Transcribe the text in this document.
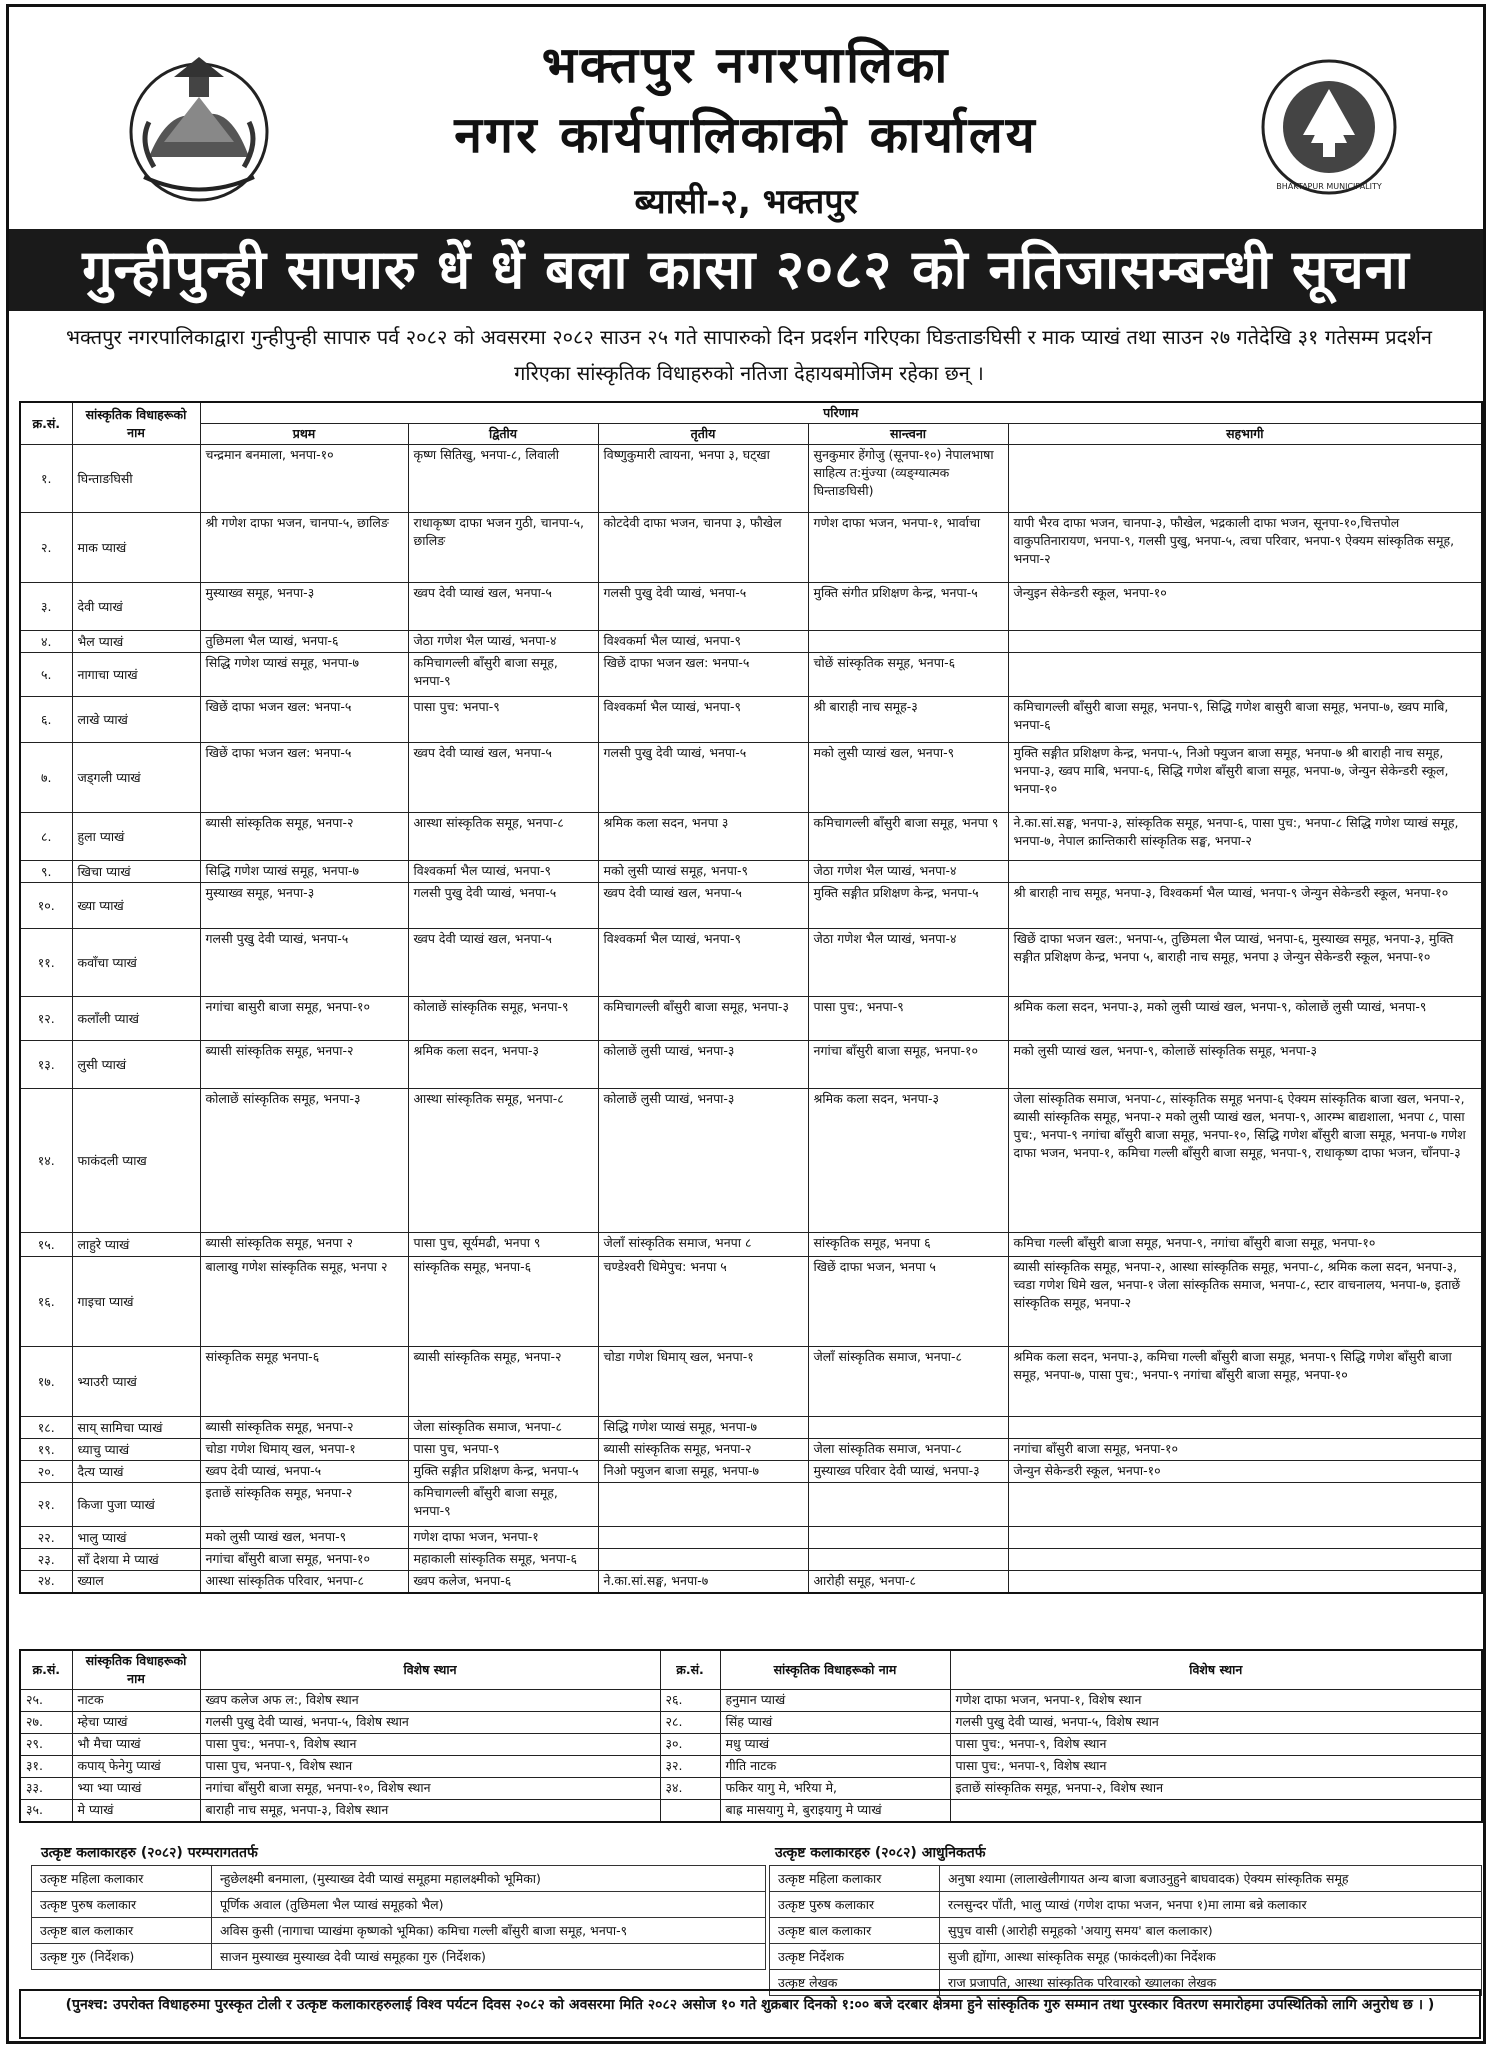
भक्तपुर नगरपालिका
नगर कार्यपालिकाको कार्यालय
ब्यासी-२, भक्तपुर	BHAKTAPUR MUNICIPALITY
गुन्हीपुन्ही सापारु धें धें बला कासा २०८२ को नतिजासम्बन्धी सूचना
भक्तपुर नगरपालिकाद्वारा गुन्हीपुन्ही सापारु पर्व २०८२ को अवसरमा २०८२ साउन २५ गते सापारुको दिन प्रदर्शन गरिएका घिङताङघिसी र माक प्याखं तथा साउन २७ गतेदेखि ३१ गतेसम्म प्रदर्शन गरिएका सांस्कृतिक विधाहरुको नतिजा देहायबमोजिम रहेका छन् ।
क्र.सं.	सांस्कृतिक विधाहरूको नाम	परिणाम				
		प्रथम	द्वितीय	तृतीय	सान्त्वना	सहभागी
१.	घिन्ताङघिसी	चन्द्रमान बनमाला, भनपा-१०	कृष्ण सितिखु, भनपा-८, लिवाली	विष्णुकुमारी त्वायना, भनपा ३, घट्खा	सुनकुमार हेंगोजु (सूनपा-१०) नेपालभाषा साहित्य त:मुंज्या (व्यङ्ग्यात्मक घिन्ताङघिसी)	
२.	माक प्याखं	श्री गणेश दाफा भजन, चानपा-५, छालिङ	राधाकृष्ण दाफा भजन गुठी, चानपा-५, छालिङ	कोटदेवी दाफा भजन, चानपा ३, फौखेल	गणेश दाफा भजन, भनपा-१, भार्वाचा	यापी भैरव दाफा भजन, चानपा-३, फौखेल, भद्रकाली दाफा भजन, सूनपा-१०,चित्तपोल वाकुपतिनारायण, भनपा-९, गलसी पुखु, भनपा-५, त्वचा परिवार, भनपा-९ ऐक्यम सांस्कृतिक समूह, भनपा-२
३.	देवी प्याखं	मुस्याख्व समूह, भनपा-३	ख्वप देवी प्याखं खल, भनपा-५	गलसी पुखु देवी प्याखं, भनपा-५	मुक्ति संगीत प्रशिक्षण केन्द्र, भनपा-५	जेन्युइन सेकेन्डरी स्कूल, भनपा-१०
४.	भैल प्याखं	तुछिमला भैल प्याखं, भनपा-६	जेठा गणेश भैल प्याखं, भनपा-४	विश्वकर्मा भैल प्याखं, भनपा-९		
५.	नागाचा प्याखं	सिद्धि गणेश प्याखं समूह, भनपा-७	कमिचागल्ली बाँसुरी बाजा समूह, भनपा-९	खिछें दाफा भजन खल: भनपा-५	चोछें सांस्कृतिक समूह, भनपा-६	
६.	लाखे प्याखं	खिछें दाफा भजन खल: भनपा-५	पासा पुच: भनपा-९	विश्वकर्मा भैल प्याखं, भनपा-९	श्री बाराही नाच समूह-३	कमिचागल्ली बाँसुरी बाजा समूह, भनपा-९, सिद्धि गणेश बासुरी बाजा समूह, भनपा-७, ख्वप माबि, भनपा-६
७.	जड्गली प्याखं	खिछें दाफा भजन खल: भनपा-५	ख्वप देवी प्याखं खल, भनपा-५	गलसी पुखु देवी प्याखं, भनपा-५	मको लुसी प्याखं खल, भनपा-९	मुक्ति सङ्गीत प्रशिक्षण केन्द्र, भनपा-५, निओ फ्युजन बाजा समूह, भनपा-७ श्री बाराही नाच समूह, भनपा-३, ख्वप माबि, भनपा-६, सिद्धि गणेश बाँसुरी बाजा समूह, भनपा-७, जेन्युन सेकेन्डरी स्कूल, भनपा-१०
८.	हुला प्याखं	ब्यासी सांस्कृतिक समूह, भनपा-२	आस्था सांस्कृतिक समूह, भनपा-८	श्रमिक कला सदन, भनपा ३	कमिचागल्ली बाँसुरी बाजा समूह, भनपा ९	ने.का.सां.सङ्घ, भनपा-३, सांस्कृतिक समूह, भनपा-६, पासा पुच:, भनपा-८ सिद्धि गणेश प्याखं समूह, भनपा-७, नेपाल क्रान्तिकारी सांस्कृतिक सङ्घ, भनपा-२
९.	खिचा प्याखं	सिद्धि गणेश प्याखं समूह, भनपा-७	विश्वकर्मा भैल प्याखं, भनपा-९	मको लुसी प्याखं समूह, भनपा-९	जेठा गणेश भैल प्याखं, भनपा-४	
१०.	ख्या प्याखं	मुस्याख्व समूह, भनपा-३	गलसी पुखु देवी प्याखं, भनपा-५	ख्वप देवी प्याखं खल, भनपा-५	मुक्ति सङ्गीत प्रशिक्षण केन्द्र, भनपा-५	श्री बाराही नाच समूह, भनपा-३, विश्वकर्मा भैल प्याखं, भनपा-९ जेन्युन सेकेन्डरी स्कूल, भनपा-१०
११.	कवाँचा प्याखं	गलसी पुखु देवी प्याखं, भनपा-५	ख्वप देवी प्याखं खल, भनपा-५	विश्वकर्मा भैल प्याखं, भनपा-९	जेठा गणेश भैल प्याखं, भनपा-४	खिछें दाफा भजन खल:, भनपा-५, तुछिमला भैल प्याखं, भनपा-६, मुस्याख्व समूह, भनपा-३, मुक्ति सङ्गीत प्रशिक्षण केन्द्र, भनपा ५, बाराही नाच समूह, भनपा ३ जेन्युन सेकेन्डरी स्कूल, भनपा-१०
१२.	कलाँली प्याखं	नगांचा बासुरी बाजा समूह, भनपा-१०	कोलाछें सांस्कृतिक समूह, भनपा-९	कमिचागल्ली बाँसुरी बाजा समूह, भनपा-३	पासा पुच:, भनपा-९	श्रमिक कला सदन, भनपा-३, मको लुसी प्याखं खल, भनपा-९, कोलाछें लुसी प्याखं, भनपा-९
१३.	लुसी प्याखं	ब्यासी सांस्कृतिक समूह, भनपा-२	श्रमिक कला सदन, भनपा-३	कोलाछें लुसी प्याखं, भनपा-३	नगांचा बाँसुरी बाजा समूह, भनपा-१०	मको लुसी प्याखं खल, भनपा-९, कोलाछें सांस्कृतिक समूह, भनपा-३
१४.	फाकंदली प्याख	कोलाछें सांस्कृतिक समूह, भनपा-३	आस्था सांस्कृतिक समूह, भनपा-८	कोलाछें लुसी प्याखं, भनपा-३	श्रमिक कला सदन, भनपा-३	जेला सांस्कृतिक समाज, भनपा-८, सांस्कृतिक समूह भनपा-६ ऐक्यम सांस्कृतिक बाजा खल, भनपा-२, ब्यासी सांस्कृतिक समूह, भनपा-२ मको लुसी प्याखं खल, भनपा-९, आरम्भ बाद्यशाला, भनपा ८, पासा पुच:, भनपा-९ नगांचा बाँसुरी बाजा समूह, भनपा-१०, सिद्धि गणेश बाँसुरी बाजा समूह, भनपा-७ गणेश दाफा भजन, भनपा-१, कमिचा गल्ली बाँसुरी बाजा समूह, भनपा-९, राधाकृष्ण दाफा भजन, चाँनपा-३
१५.	लाहुरे प्याखं	ब्यासी सांस्कृतिक समूह, भनपा २	पासा पुच, सूर्यमढी, भनपा ९	जेलाँ सांस्कृतिक समाज, भनपा ८	सांस्कृतिक समूह, भनपा ६	कमिचा गल्ली बाँसुरी बाजा समूह, भनपा-९, नगांचा बाँसुरी बाजा समूह, भनपा-१०
१६.	गाइचा प्याखं	बालाखु गणेश सांस्कृतिक समूह, भनपा २	सांस्कृतिक समूह, भनपा-६	चण्डेश्वरी धिमेपुच: भनपा ५	खिछें दाफा भजन, भनपा ५	ब्यासी सांस्कृतिक समूह, भनपा-२, आस्था सांस्कृतिक समूह, भनपा-८, श्रमिक कला सदन, भनपा-३, च्वडा गणेश धिमे खल, भनपा-१ जेला सांस्कृतिक समाज, भनपा-८, स्टार वाचनालय, भनपा-७, इताछें सांस्कृतिक समूह, भनपा-२
१७.	भ्याउरी प्याखं	सांस्कृतिक समूह भनपा-६	ब्यासी सांस्कृतिक समूह, भनपा-२	चोडा गणेश धिमाय् खल, भनपा-१	जेलाँ सांस्कृतिक समाज, भनपा-८	श्रमिक कला सदन, भनपा-३, कमिचा गल्ली बाँसुरी बाजा समूह, भनपा-९ सिद्धि गणेश बाँसुरी बाजा समूह, भनपा-७, पासा पुच:, भनपा-९ नगांचा बाँसुरी बाजा समूह, भनपा-१०
१८.	साय् सामिचा प्याखं	ब्यासी सांस्कृतिक समूह, भनपा-२	जेला सांस्कृतिक समाज, भनपा-८	सिद्धि गणेश प्याखं समूह, भनपा-७		
१९.	ध्याचु प्याखं	चोडा गणेश धिमाय् खल, भनपा-१	पासा पुच, भनपा-९	ब्यासी सांस्कृतिक समूह, भनपा-२	जेला सांस्कृतिक समाज, भनपा-८	नगांचा बाँसुरी बाजा समूह, भनपा-१०
२०.	दैत्य प्याखं	ख्वप देवी प्याखं, भनपा-५	मुक्ति सङ्गीत प्रशिक्षण केन्द्र, भनपा-५	निओ फ्युजन बाजा समूह, भनपा-७	मुस्याख्व परिवार देवी प्याखं, भनपा-३	जेन्युन सेकेन्डरी स्कूल, भनपा-१०
२१.	किजा पुजा प्याखं	इताछें सांस्कृतिक समूह, भनपा-२	कमिचागल्ली बाँसुरी बाजा समूह, भनपा-९			
२२.	भालु प्याखं	मको लुसी प्याखं खल, भनपा-९	गणेश दाफा भजन, भनपा-१			
२३.	साँ देशया मे प्याखं	नगांचा बाँसुरी बाजा समूह, भनपा-१०	महाकाली सांस्कृतिक समूह, भनपा-६			
२४.	ख्याल	आस्था सांस्कृतिक परिवार, भनपा-८	ख्वप कलेज, भनपा-६	ने.का.सां.सङ्घ, भनपा-७	आरोही समूह, भनपा-८	
क्र.सं.	सांस्कृतिक विधाहरूको नाम	विशेष स्थान	क्र.सं.	सांस्कृतिक विधाहरूको नाम	विशेष स्थान
२५.	नाटक	ख्वप कलेज अफ ल:, विशेष स्थान	२६.	हनुमान प्याखं	गणेश दाफा भजन, भनपा-१, विशेष स्थान
२७.	म्हेचा प्याखं	गलसी पुखु देवी प्याखं, भनपा-५, विशेष स्थान	२८.	सिंह प्याखं	गलसी पुखु देवी प्याखं, भनपा-५, विशेष स्थान
२९.	भौ मैचा प्याखं	पासा पुच:, भनपा-९, विशेष स्थान	३०.	मधु प्याखं	पासा पुच:, भनपा-९, विशेष स्थान
३१.	कपाय् फेनेगु प्याखं	पासा पुच, भनपा-९, विशेष स्थान	३२.	गीति नाटक	पासा पुच:, भनपा-९, विशेष स्थान
३३.	भ्या भ्या प्याखं	नगांचा बाँसुरी बाजा समूह, भनपा-१०, विशेष स्थान	३४.	फकिर यागु मे, भरिया मे,	इताछें सांस्कृतिक समूह, भनपा-२, विशेष स्थान
३५.	मे प्याखं	बाराही नाच समूह, भनपा-३, विशेष स्थान		बाह्र मासयागु मे, बुराइयागु मे प्याखं	
उत्कृष्ट कलाकारहरु (२०८२) परम्परागततर्फ	उत्कृष्ट कलाकारहरु (२०८२) आधुनिकतर्फ
उत्कृष्ट महिला कलाकार	न्हुछेलक्ष्मी बनमाला, (मुस्याख्व देवी प्याखं समूहमा महालक्ष्मीको भूमिका)
उत्कृष्ट पुरुष कलाकार	पूर्णिक अवाल (तुछिमला भैल प्याखं समूहको भैल)
उत्कृष्ट बाल कलाकार	अविस कुसी (नागाचा प्याखंमा कृष्णको भूमिका) कमिचा गल्ली बाँसुरी बाजा समूह, भनपा-९
उत्कृष्ट गुरु (निर्देशक)	साजन मुस्याख्व मुस्याख्व देवी प्याखं समूहका गुरु (निर्देशक)
उत्कृष्ट महिला कलाकार	अनुषा श्यामा (लालाखेलीगायत अन्य बाजा बजाउनुहुने बाघवादक) ऐक्यम सांस्कृतिक समूह
उत्कृष्ट पुरुष कलाकार	रत्नसुन्दर पाँती, भालु प्याखं (गणेश दाफा भजन, भनपा १)मा लामा बन्ने कलाकार
उत्कृष्ट बाल कलाकार	सुपुच वासी (आरोही समूहको 'अयागु समय' बाल कलाकार)
उत्कृष्ट निर्देशक	सुजी ह्योंगा, आस्था सांस्कृतिक समूह (फाकंदली)का निर्देशक
उत्कृष्ट लेखक	राज प्रजापति, आस्था सांस्कृतिक परिवारको ख्यालका लेखक
(पुनश्च: उपरोक्त विधाहरुमा पुरस्कृत टोली र उत्कृष्ट कलाकारहरुलाई विश्व पर्यटन दिवस २०८२ को अवसरमा मिति २०८२ असोज १० गते शुक्रबार दिनको १:०० बजे दरबार क्षेत्रमा हुने सांस्कृतिक गुरु सम्मान तथा पुरस्कार वितरण समारोहमा उपस्थितिको लागि अनुरोध छ । )
